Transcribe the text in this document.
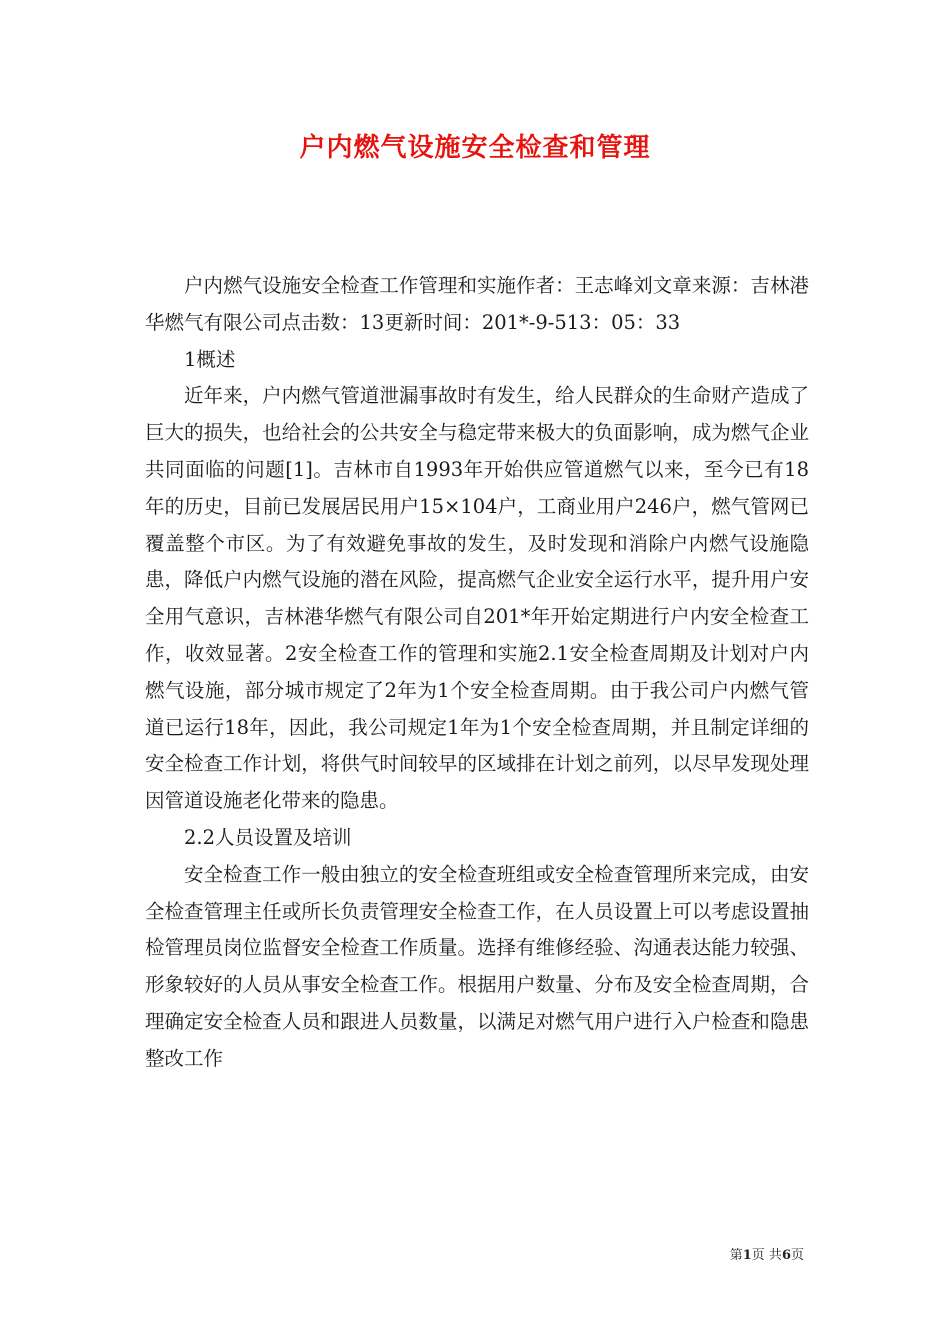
户内燃气设施安全检查和管理

户内燃气设施安全检查工作管理和实施作者：王志峰刘文章来源：吉林港华燃气有限公司点击数：13更新时间：201*-9-513：05：33

1概述

近年来，户内燃气管道泄漏事故时有发生，给人民群众的生命财产造成了巨大的损失，也给社会的公共安全与稳定带来极大的负面影响，成为燃气企业共同面临的问题[1]。吉林市自1993年开始供应管道燃气以来，至今已有18年的历史，目前已发展居民用户15×104户，工商业用户246户，燃气管网已覆盖整个市区。为了有效避免事故的发生，及时发现和消除户内燃气设施隐患，降低户内燃气设施的潜在风险，提高燃气企业安全运行水平，提升用户安全用气意识，吉林港华燃气有限公司自201*年开始定期进行户内安全检查工作，收效显著。2安全检查工作的管理和实施2.1安全检查周期及计划对户内燃气设施，部分城市规定了2年为1个安全检查周期。由于我公司户内燃气管道已运行18年，因此，我公司规定1年为1个安全检查周期，并且制定详细的安全检查工作计划，将供气时间较早的区域排在计划之前列，以尽早发现处理因管道设施老化带来的隐患。

2.2人员设置及培训

安全检查工作一般由独立的安全检查班组或安全检查管理所来完成，由安全检查管理主任或所长负责管理安全检查工作，在人员设置上可以考虑设置抽检管理员岗位监督安全检查工作质量。选择有维修经验、沟通表达能力较强、形象较好的人员从事安全检查工作。根据用户数量、分布及安全检查周期，合理确定安全检查人员和跟进人员数量，以满足对燃气用户进行入户检查和隐患整改工作

第1页 共6页
